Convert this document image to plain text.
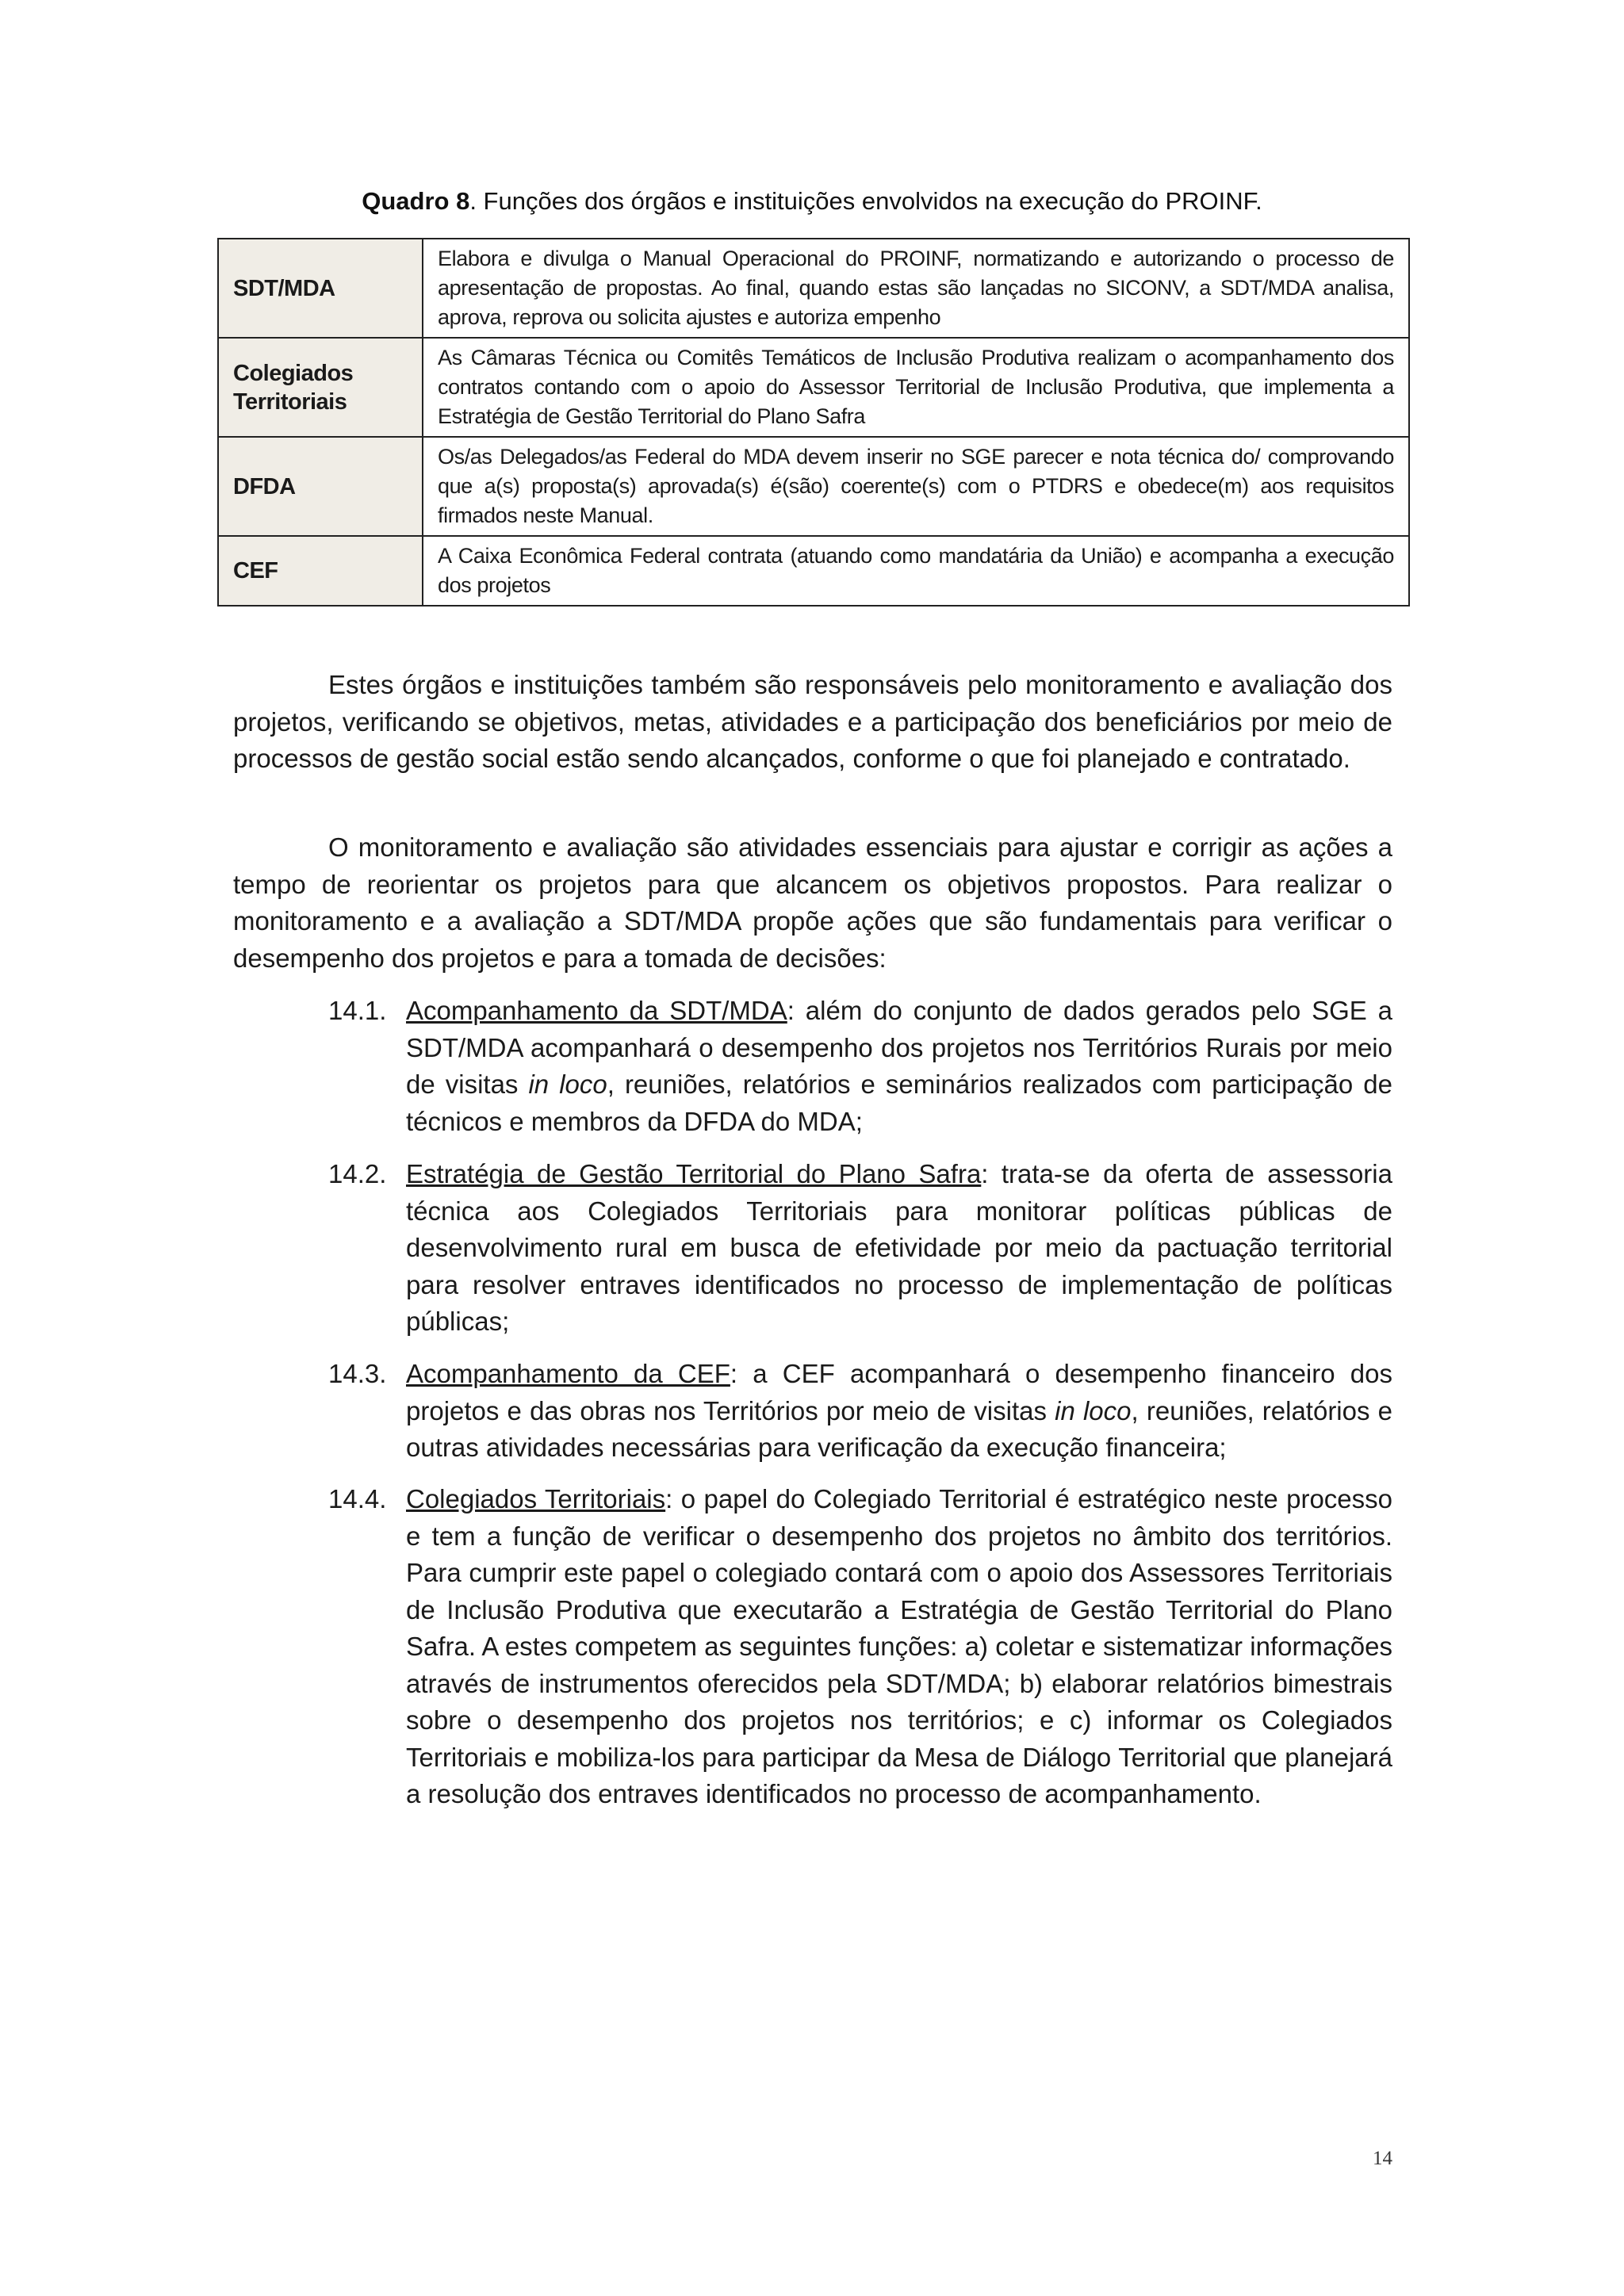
Quadro 8. Funções dos órgãos e instituições envolvidos na execução do PROINF.
SDT/MDA	Elabora e divulga o Manual Operacional do PROINF, normatizando e autorizando o processo de apresentação de propostas. Ao final, quando estas são lançadas no SICONV, a SDT/MDA analisa, aprova, reprova ou solicita ajustes e autoriza empenho
Colegiados Territoriais	As Câmaras Técnica ou Comitês Temáticos de Inclusão Produtiva realizam o acompanhamento dos contratos contando com o apoio do Assessor Territorial de Inclusão Produtiva, que implementa a Estratégia de Gestão Territorial do Plano Safra
DFDA	Os/as Delegados/as Federal do MDA devem inserir no SGE parecer e nota técnica do/ comprovando que a(s) proposta(s) aprovada(s) é(são) coerente(s) com o PTDRS e obedece(m) aos requisitos firmados neste Manual.
CEF	A Caixa Econômica Federal contrata (atuando como mandatária da União) e acompanha a execução dos projetos

Estes órgãos e instituições também são responsáveis pelo monitoramento e avaliação dos projetos, verificando se objetivos, metas, atividades e a participação dos beneficiários por meio de processos de gestão social estão sendo alcançados, conforme o que foi planejado e contratado.

O monitoramento e avaliação são atividades essenciais para ajustar e corrigir as ações a tempo de reorientar os projetos para que alcancem os objetivos propostos. Para realizar o monitoramento e a avaliação a SDT/MDA propõe ações que são fundamentais para verificar o desempenho dos projetos e para a tomada de decisões:

14.1. Acompanhamento da SDT/MDA: além do conjunto de dados gerados pelo SGE a SDT/MDA acompanhará o desempenho dos projetos nos Territórios Rurais por meio de visitas in loco, reuniões, relatórios e seminários realizados com participação de técnicos e membros da DFDA do MDA;
14.2. Estratégia de Gestão Territorial do Plano Safra: trata-se da oferta de assessoria técnica aos Colegiados Territoriais para monitorar políticas públicas de desenvolvimento rural em busca de efetividade por meio da pactuação territorial para resolver entraves identificados no processo de implementação de políticas públicas;
14.3. Acompanhamento da CEF: a CEF acompanhará o desempenho financeiro dos projetos e das obras nos Territórios por meio de visitas in loco, reuniões, relatórios e outras atividades necessárias para verificação da execução financeira;
14.4. Colegiados Territoriais: o papel do Colegiado Territorial é estratégico neste processo e tem a função de verificar o desempenho dos projetos no âmbito dos territórios. Para cumprir este papel o colegiado contará com o apoio dos Assessores Territoriais de Inclusão Produtiva que executarão a Estratégia de Gestão Territorial do Plano Safra. A estes competem as seguintes funções: a) coletar e sistematizar informações através de instrumentos oferecidos pela SDT/MDA; b) elaborar relatórios bimestrais sobre o desempenho dos projetos nos territórios; e c) informar os Colegiados Territoriais e mobiliza-los para participar da Mesa de Diálogo Territorial que planejará a resolução dos entraves identificados no processo de acompanhamento.
14
